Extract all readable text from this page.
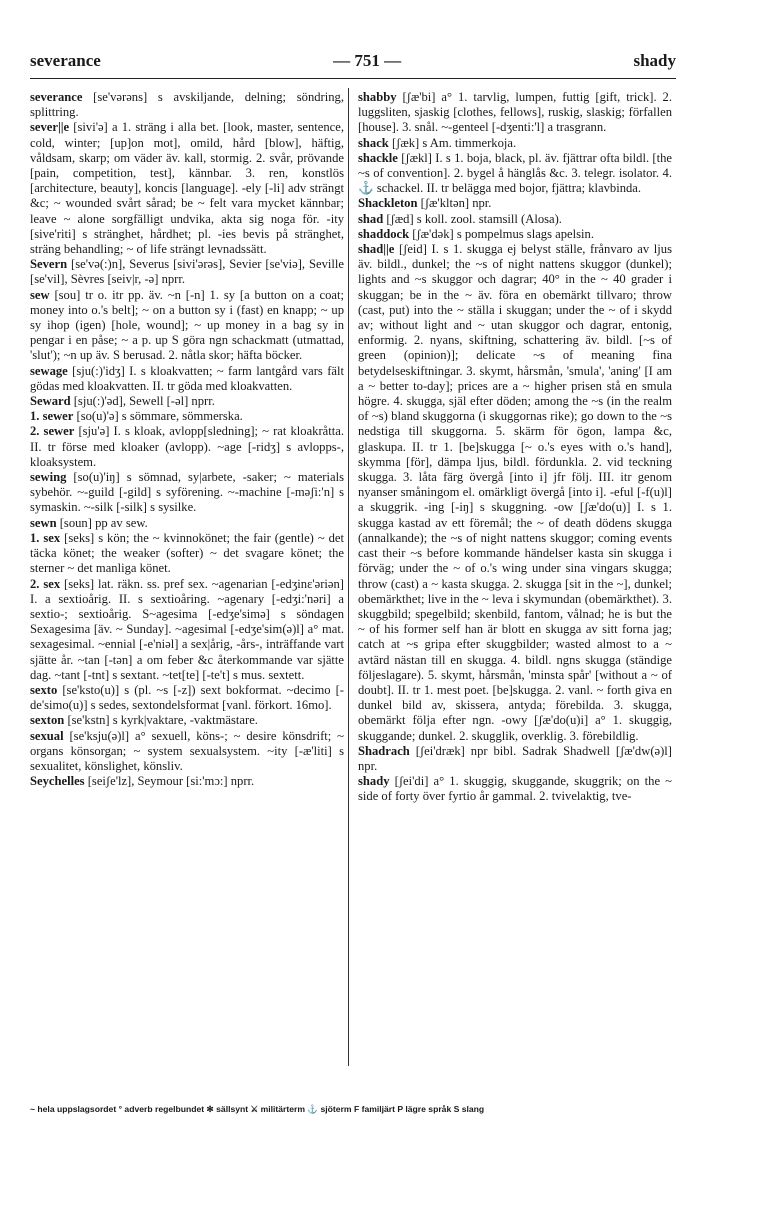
severance	— 751 —	shady

severance [se'vərəns] s avskiljande, delning; söndring, splittring.

sever||e [sivi'ə] a 1. sträng i alla bet. [look, master, sentence, cold, winter; [up]on mot], omild, hård [blow], häftig, våldsam, skarp; om väder äv. kall, stormig. 2. svår, prövande [pain, competition, test], kännbar. 3. ren, konstlös [architecture, beauty], koncis [language]. -ely [-li] adv strängt &c; ~ wounded svårt sårad; be ~ felt vara mycket kännbar; leave ~ alone sorgfälligt undvika, akta sig noga för. -ity [sive'riti] s stränghet, hårdhet; pl. -ies bevis på stränghet, sträng behandling; ~ of life strängt levnadssätt.

Severn [se'və(:)n], Severus [sivi'ərəs], Sevier [se'viə], Seville [se'vil], Sèvres [seiv|r, -ə] nprr.

sew [sou] tr o. itr pp. äv. ~n [-n] 1. sy [a button on a coat; money into o.'s belt]; ~ on a button sy i (fast) en knapp; ~ up sy ihop (igen) [hole, wound]; ~ up money in a bag sy in pengar i en påse; ~ a p. up S göra ngn schackmatt (utmattad, 'slut'); ~n up äv. S berusad. 2. nåtla skor; häfta böcker.

sewage [sju(:)'idʒ] I. s kloakvatten; ~ farm lantgård vars fält gödas med kloakvatten. II. tr göda med kloakvatten.

Seward [sju(:)'əd], Sewell [-əl] nprr.

1. sewer [so(u)'ə] s sömmare, sömmerska.

2. sewer [sju'ə] I. s kloak, avlopp[sledning]; ~ rat kloakråtta. II. tr förse med kloaker (avlopp). ~age [-ridʒ] s avlopps-, kloaksystem.

sewing [so(u)'iŋ] s sömnad, sy|arbete, -saker; ~ materials sybehör. ~-guild [-gild] s syförening. ~-machine [-məʃi:'n] s symaskin. ~-silk [-silk] s sysilke.

sewn [soun] pp av sew.

1. sex [seks] s kön; the ~ kvinnokönet; the fair (gentle) ~ det täcka könet; the weaker (softer) ~ det svagare könet; the sterner ~ det manliga könet.

2. sex [seks] lat. räkn. ss. pref sex. ~agenarian [-edʒinɛ'əriən] I. a sextioårig. II. s sextioåring. ~agenary [-edʒi:'nəri] a sextio-; sextioårig. S~agesima [-edʒe'simə] s söndagen Sexagesima [äv. ~ Sunday]. ~agesimal [-edʒe'sim(ə)l] a° mat. sexagesimal. ~ennial [-e'niəl] a sex|årig, -års-, inträffande vart sjätte år. ~tan [-tən] a om feber &c återkommande var sjätte dag. ~tant [-tnt] s sextant. ~tet[te] [-te't] s mus. sextett.

sexto [se'ksto(u)] s (pl. ~s [-z]) sext bokformat. ~decimo [-de'simo(u)] s sedes, sextondelsformat [vanl. förkort. 16mo].

sexton [se'kstn] s kyrk|vaktare, -vaktmästare.

sexual [se'ksju(ə)l] a° sexuell, köns-; ~ desire könsdrift; ~ organs könsorgan; ~ system sexualsystem. ~ity [-æ'liti] s sexualitet, könslighet, könsliv.

Seychelles [seiʃe'lz], Seymour [si:'mɔ:] nprr.

shabby [ʃæ'bi] a° 1. tarvlig, lumpen, futtig [gift, trick]. 2. luggsliten, sjaskig [clothes, fellows], ruskig, slaskig; förfallen [house]. 3. snål. ~-genteel [-dʒenti:'l] a trasgrann.

shack [ʃæk] s Am. timmerkoja.

shackle [ʃækl] I. s 1. boja, black, pl. äv. fjättrar ofta bildl. [the ~s of convention]. 2. bygel å hänglås &c. 3. telegr. isolator. 4. ⚓ schackel. II. tr belägga med bojor, fjättra; klavbinda.

Shackleton [ʃæ'kltən] npr.

shad [ʃæd] s koll. zool. stamsill (Alosa).

shaddock [ʃæ'dək] s pompelmus slags apelsin.

shad||e [ʃeid] I. s 1. skugga ej belyst ställe, frånvaro av ljus äv. bildl., dunkel; the ~s of night nattens skuggor (dunkel); lights and ~s skuggor och dagrar; 40° in the ~ 40 grader i skuggan; be in the ~ äv. föra en obemärkt tillvaro; throw (cast, put) into the ~ ställa i skuggan; under the ~ of i skydd av; without light and ~ utan skuggor och dagrar, entonig, enformig. 2. nyans, skiftning, schattering äv. bildl. [~s of green (opinion)]; delicate ~s of meaning fina betydelseskiftningar. 3. skymt, hårsmån, 'smula', 'aning' [I am a ~ better to-day]; prices are a ~ higher prisen stå en smula högre. 4. skugga, själ efter döden; among the ~s (in the realm of ~s) bland skuggorna (i skuggornas rike); go down to the ~s nedstiga till skuggorna. 5. skärm för ögon, lampa &c, glaskupa. II. tr 1. [be]skugga [~ o.'s eyes with o.'s hand], skymma [för], dämpa ljus, bildl. fördunkla. 2. vid teckning skugga. 3. låta färg övergå [into i] jfr följ. III. itr genom nyanser småningom el. omärkligt övergå [into i]. -eful [-f(u)l] a skuggrik. -ing [-iŋ] s skuggning. -ow [ʃæ'do(u)] I. s 1. skugga kastad av ett föremål; the ~ of death dödens skugga (annalkande); the ~s of night nattens skuggor; coming events cast their ~s before kommande händelser kasta sin skugga i förväg; under the ~ of o.'s wing under sina vingars skugga; throw (cast) a ~ kasta skugga. 2. skugga [sit in the ~], dunkel; obemärkthet; live in the ~ leva i skymundan (obemärkthet). 3. skuggbild; spegelbild; skenbild, fantom, vålnad; he is but the ~ of his former self han är blott en skugga av sitt forna jag; catch at ~s gripa efter skuggbilder; wasted almost to a ~ avtärd nästan till en skugga. 4. bildl. ngns skugga (ständige följeslagare). 5. skymt, hårsmån, 'minsta spår' [without a ~ of doubt]. II. tr 1. mest poet. [be]skugga. 2. vanl. ~ forth giva en dunkel bild av, skissera, antyda; förebilda. 3. skugga, obemärkt följa efter ngn. -owy [ʃæ'do(u)i] a° 1. skuggig, skuggande; dunkel. 2. skugglik, overklig. 3. förebildlig.

Shadrach [ʃei'dræk] npr bibl. Sadrak Shadwell [ʃæ'dw(ə)l] npr.

shady [ʃei'di] a° 1. skuggig, skuggande, skuggrik; on the ~ side of forty över fyrtio år gammal. 2. tvivelaktig, tve-

~ hela uppslagsordet ° adverb regelbundet ✻ sällsynt ⚔ militärterm ⚓ sjöterm F familjärt P lägre språk S slang
